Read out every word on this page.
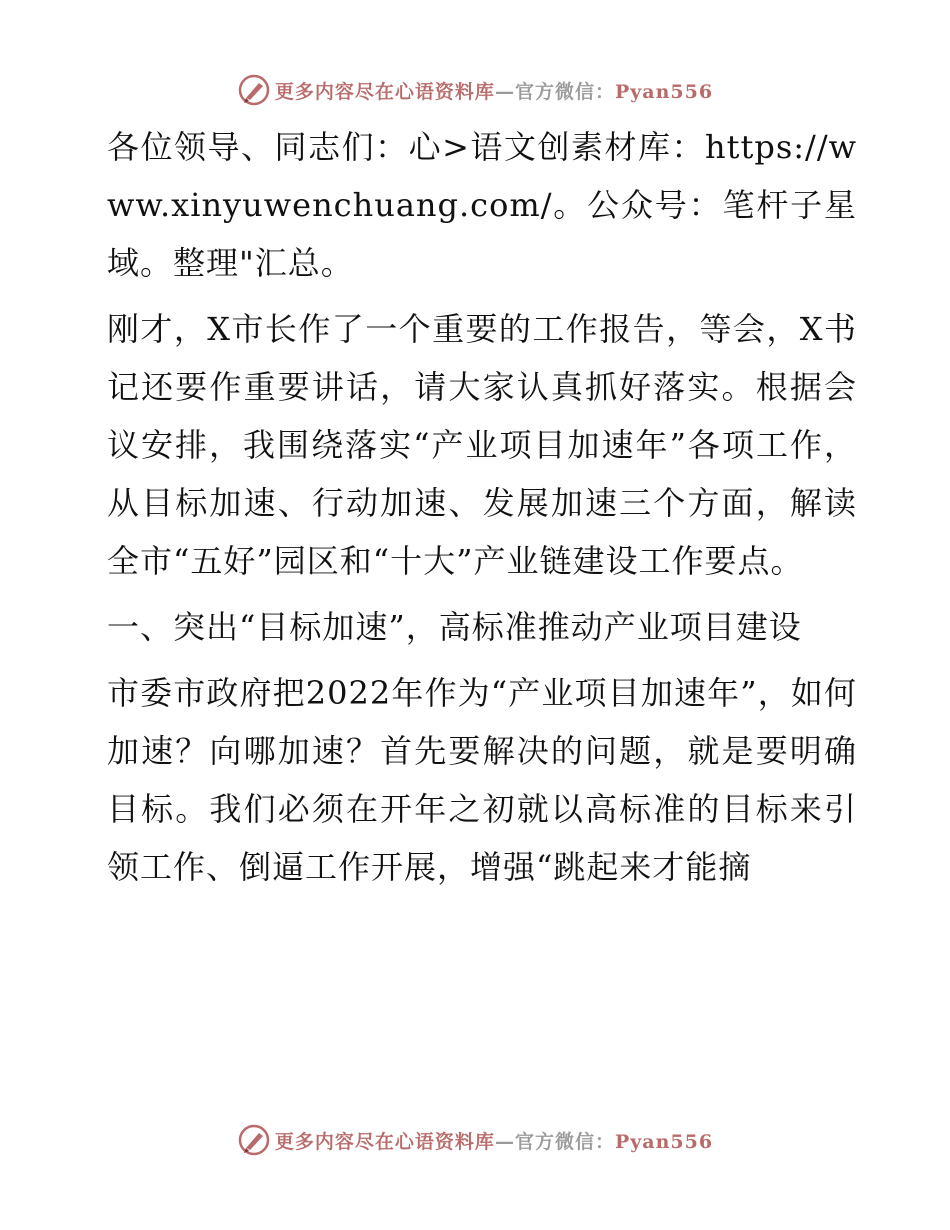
更多内容尽在心语资料库—官方微信：Pyan556

各位领导、同志们：心>语文创素材库：https://www.xinyuwenchuang.com/。公众号：笔杆子星域。整理"汇总。

刚才，X市长作了一个重要的工作报告，等会，X书记还要作重要讲话，请大家认真抓好落实。根据会议安排，我围绕落实“产业项目加速年”各项工作，从目标加速、行动加速、发展加速三个方面，解读全市“五好”园区和“十大”产业链建设工作要点。

一、突出“目标加速”，高标准推动产业项目建设

市委市政府把2022年作为“产业项目加速年”，如何加速？向哪加速？首先要解决的问题，就是要明确目标。我们必须在开年之初就以高标准的目标来引领工作、倒逼工作开展，增强“跳起来才能摘

更多内容尽在心语资料库—官方微信：Pyan556
